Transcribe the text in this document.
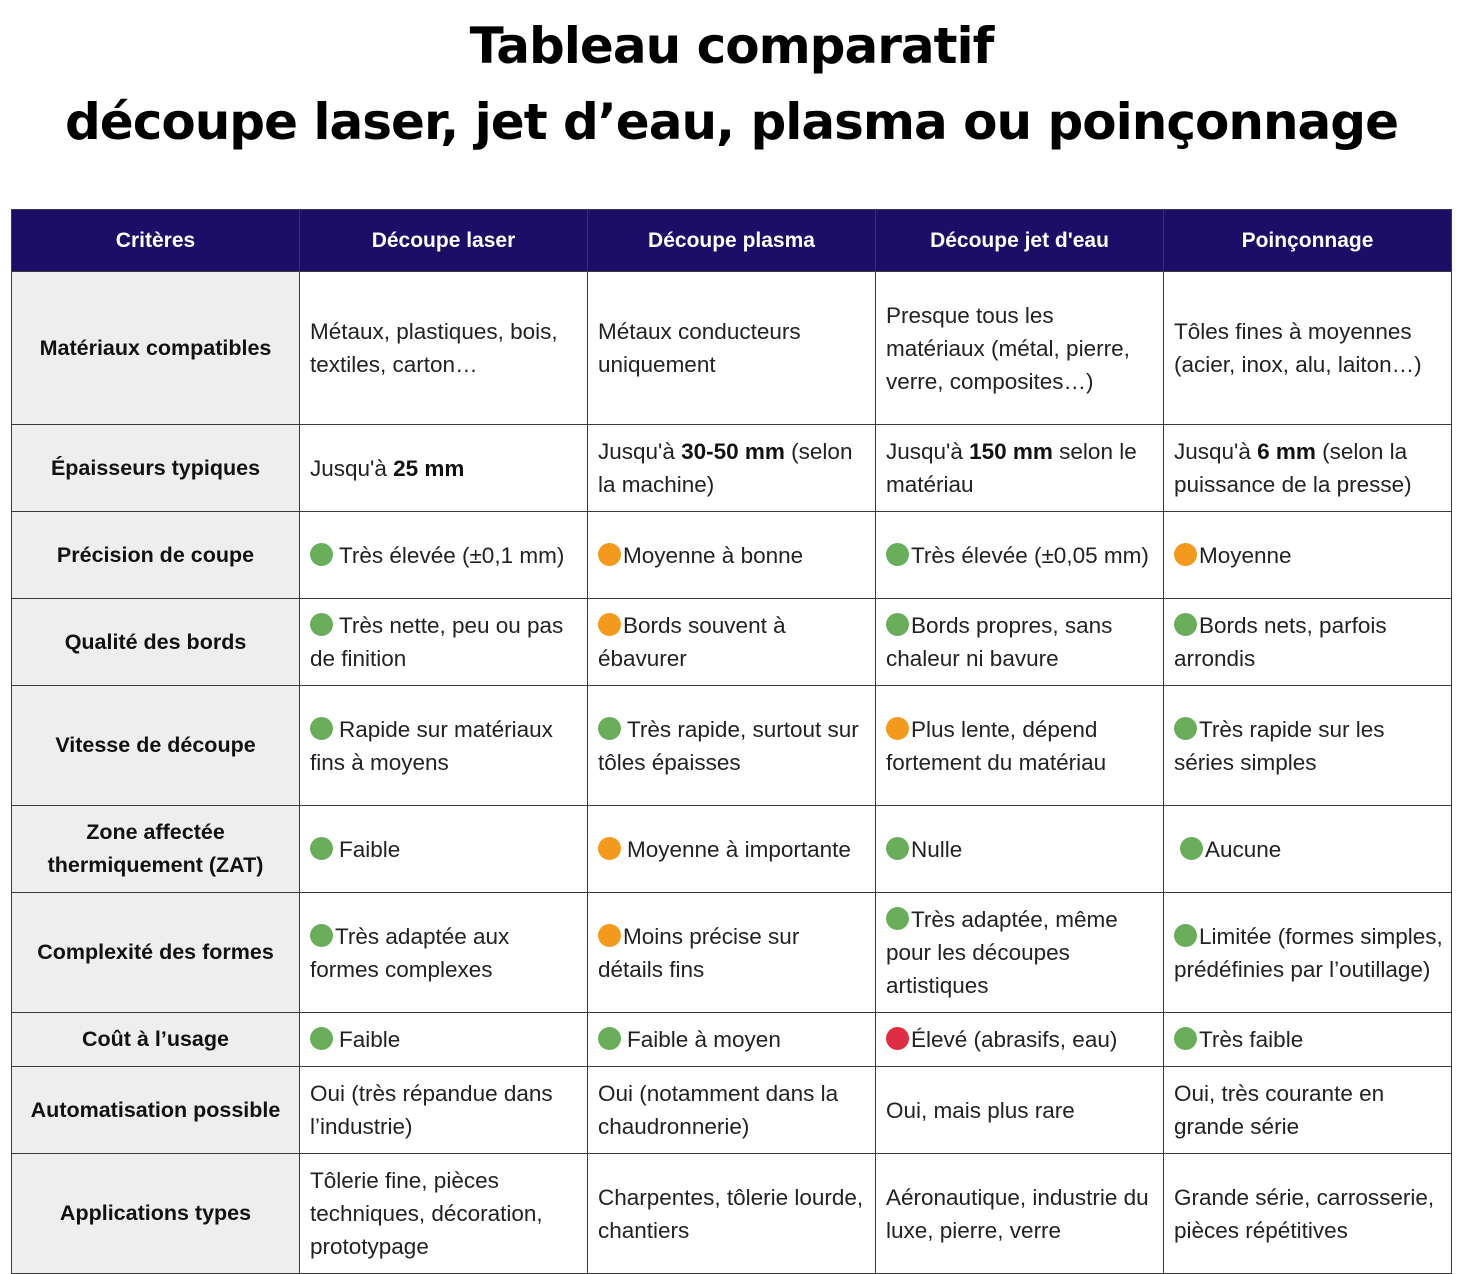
Tableau comparatif
découpe laser, jet d’eau, plasma ou poinçonnage
Critères	Découpe laser	Découpe plasma	Découpe jet d'eau	Poinçonnage
Matériaux compatibles	Métaux, plastiques, bois, textiles, carton…	Métaux conducteurs uniquement	Presque tous les matériaux (métal, pierre, verre, composites…)	Tôles fines à moyennes (acier, inox, alu, laiton…)
Épaisseurs typiques	Jusqu'à 25 mm	Jusqu'à 30-50 mm (selon la machine)	Jusqu'à 150 mm selon le matériau	Jusqu'à 6 mm (selon la puissance de la presse)
Précision de coupe	Très élevée (±0,1 mm)	Moyenne à bonne	Très élevée (±0,05 mm)	Moyenne
Qualité des bords	Très nette, peu ou pas de finition	Bords souvent à ébavurer	Bords propres, sans chaleur ni bavure	Bords nets, parfois arrondis
Vitesse de découpe	Rapide sur matériaux fins à moyens	Très rapide, surtout sur tôles épaisses	Plus lente, dépend fortement du matériau	Très rapide sur les séries simples
Zone affectée thermiquement (ZAT)	Faible	Moyenne à importante	Nulle	Aucune
Complexité des formes	Très adaptée aux formes complexes	Moins précise sur détails fins	Très adaptée, même pour les découpes artistiques	Limitée (formes simples, prédéfinies par l’outillage)
Coût à l’usage	Faible	Faible à moyen	Élevé (abrasifs, eau)	Très faible
Automatisation possible	Oui (très répandue dans l’industrie)	Oui (notamment dans la chaudronnerie)	Oui, mais plus rare	Oui, très courante en grande série
Applications types	Tôlerie fine, pièces techniques, décoration, prototypage	Charpentes, tôlerie lourde, chantiers	Aéronautique, industrie du luxe, pierre, verre	Grande série, carrosserie, pièces répétitives
